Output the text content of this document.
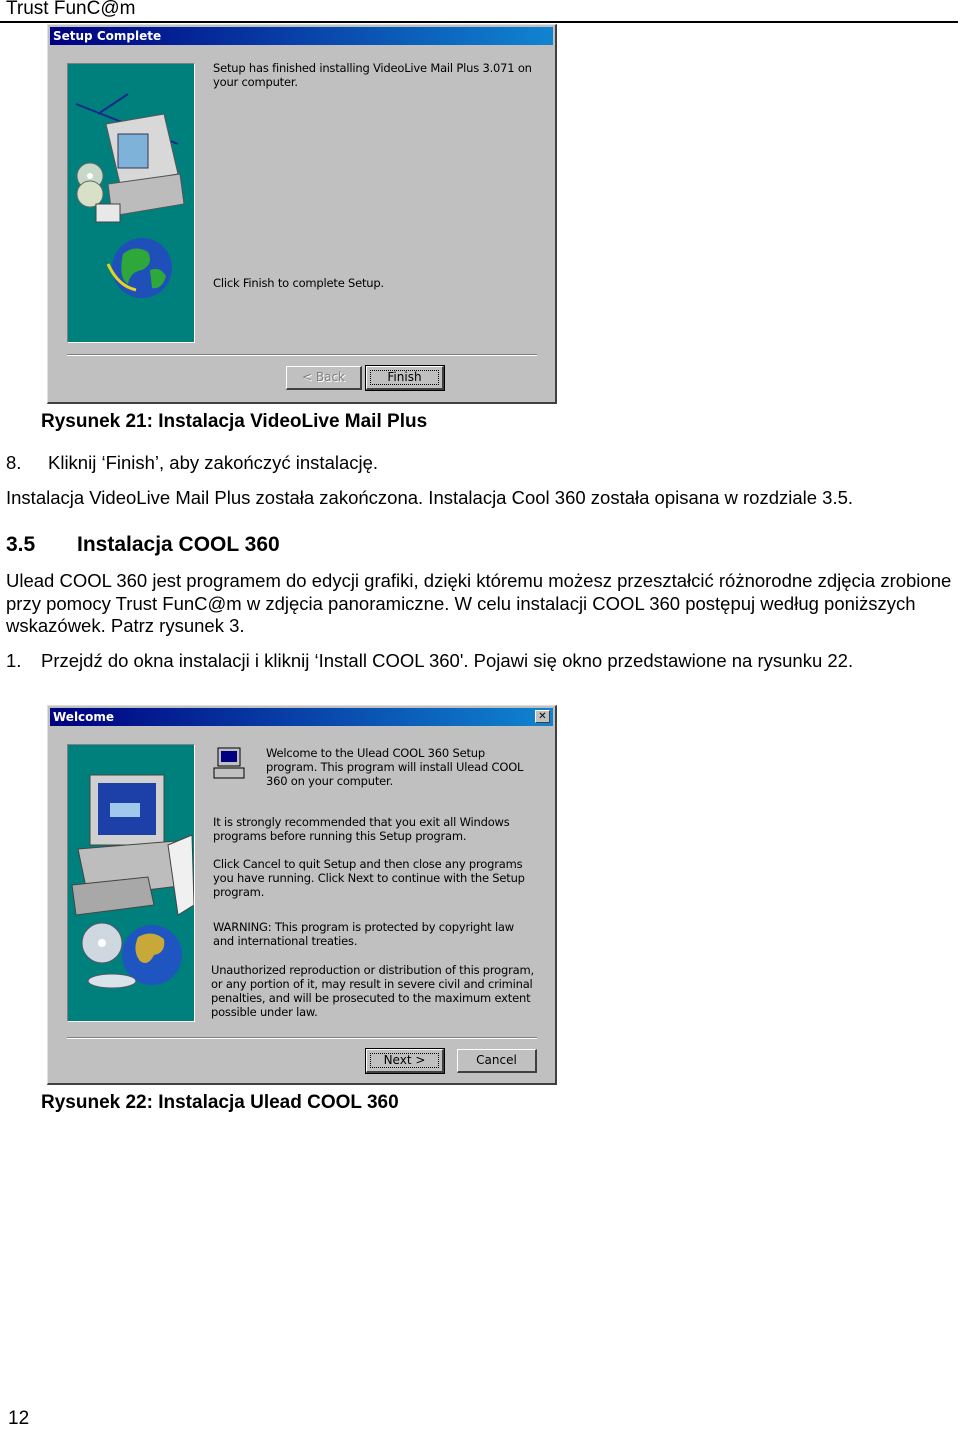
Trust FunC@m
Setup Complete
Setup has finished installing VideoLive Mail Plus 3.071 on your computer.
Click Finish to complete Setup.
< Back	Finish
Rysunek 21: Instalacja VideoLive Mail Plus
8. Kliknij ‘Finish’, aby zakończyć instalację.
Instalacja VideoLive Mail Plus została zakończona. Instalacja Cool 360 została opisana w rozdziale 3.5.
3.5 Instalacja COOL 360
Ulead COOL 360 jest programem do edycji grafiki, dzięki któremu możesz przeształcić różnorodne zdjęcia zrobione przy pomocy Trust FunC@m w zdjęcia panoramiczne. W celu instalacji COOL 360 postępuj według poniższych wskazówek. Patrz rysunek 3.
1. Przejdź do okna instalacji i kliknij ‘Install COOL 360'. Pojawi się okno przedstawione na rysunku 22.
Welcome	✕
Welcome to the Ulead COOL 360 Setup program. This program will install Ulead COOL 360 on your computer.
It is strongly recommended that you exit all Windows programs before running this Setup program.
Click Cancel to quit Setup and then close any programs you have running. Click Next to continue with the Setup program.
WARNING: This program is protected by copyright law and international treaties.
Unauthorized reproduction or distribution of this program, or any portion of it, may result in severe civil and criminal penalties, and will be prosecuted to the maximum extent possible under law.
Next >	Cancel
Rysunek 22: Instalacja Ulead COOL 360
12
